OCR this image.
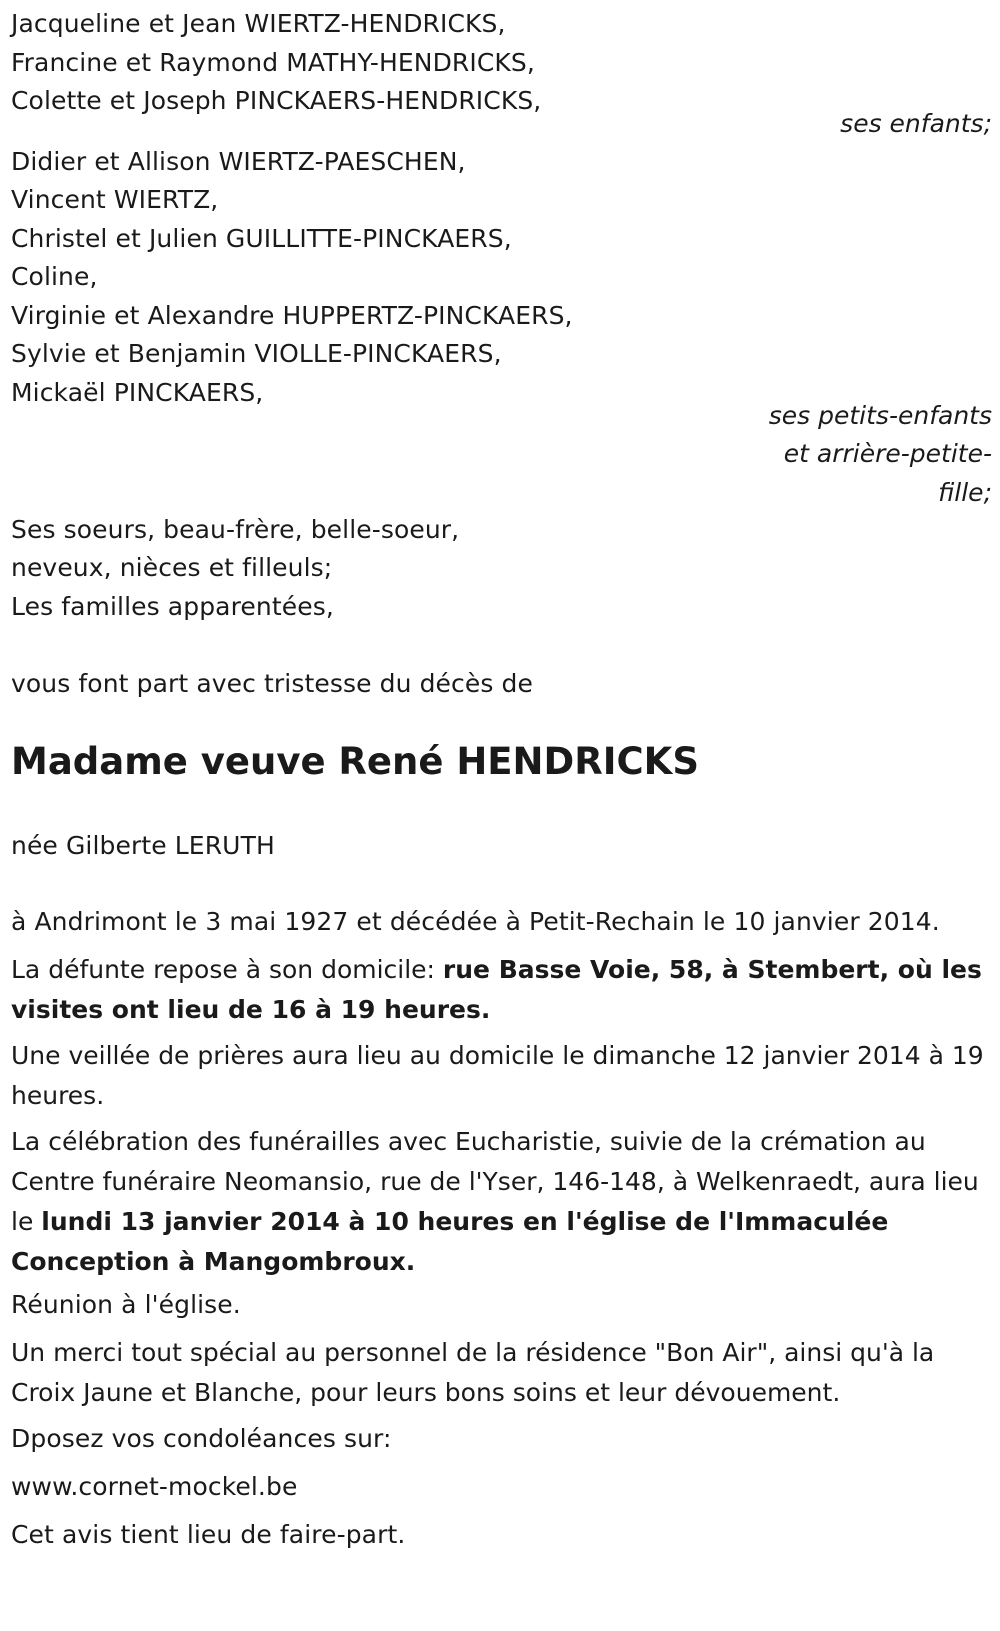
Jacqueline et Jean WIERTZ-HENDRICKS,
Francine et Raymond MATHY-HENDRICKS,
Colette et Joseph PINCKAERS-HENDRICKS,
ses enfants;
Didier et Allison WIERTZ-PAESCHEN,
Vincent WIERTZ,
Christel et Julien GUILLITTE-PINCKAERS,
Coline,
Virginie et Alexandre HUPPERTZ-PINCKAERS,
Sylvie et Benjamin VIOLLE-PINCKAERS,
Mickaël PINCKAERS,
ses petits-enfants
et arrière-petite-
fille;
Ses soeurs, beau-frère, belle-soeur,
neveux, nièces et filleuls;
Les familles apparentées,
vous font part avec tristesse du décès de
Madame veuve René HENDRICKS
née Gilberte LERUTH
à Andrimont le 3 mai 1927 et décédée à Petit-Rechain le 10 janvier 2014.
La défunte repose à son domicile: rue Basse Voie, 58, à Stembert, où les visites ont lieu de 16 à 19 heures.
Une veillée de prières aura lieu au domicile le dimanche 12 janvier 2014 à 19 heures.
La célébration des funérailles avec Eucharistie, suivie de la crémation au Centre funéraire Neomansio, rue de l'Yser, 146-148, à Welkenraedt, aura lieu le lundi 13 janvier 2014 à 10 heures en l'église de l'Immaculée Conception à Mangombroux.
Réunion à l'église.
Un merci tout spécial au personnel de la résidence "Bon Air", ainsi qu'à la Croix Jaune et Blanche, pour leurs bons soins et leur dévouement.
Dposez vos condoléances sur:
www.cornet-mockel.be
Cet avis tient lieu de faire-part.
